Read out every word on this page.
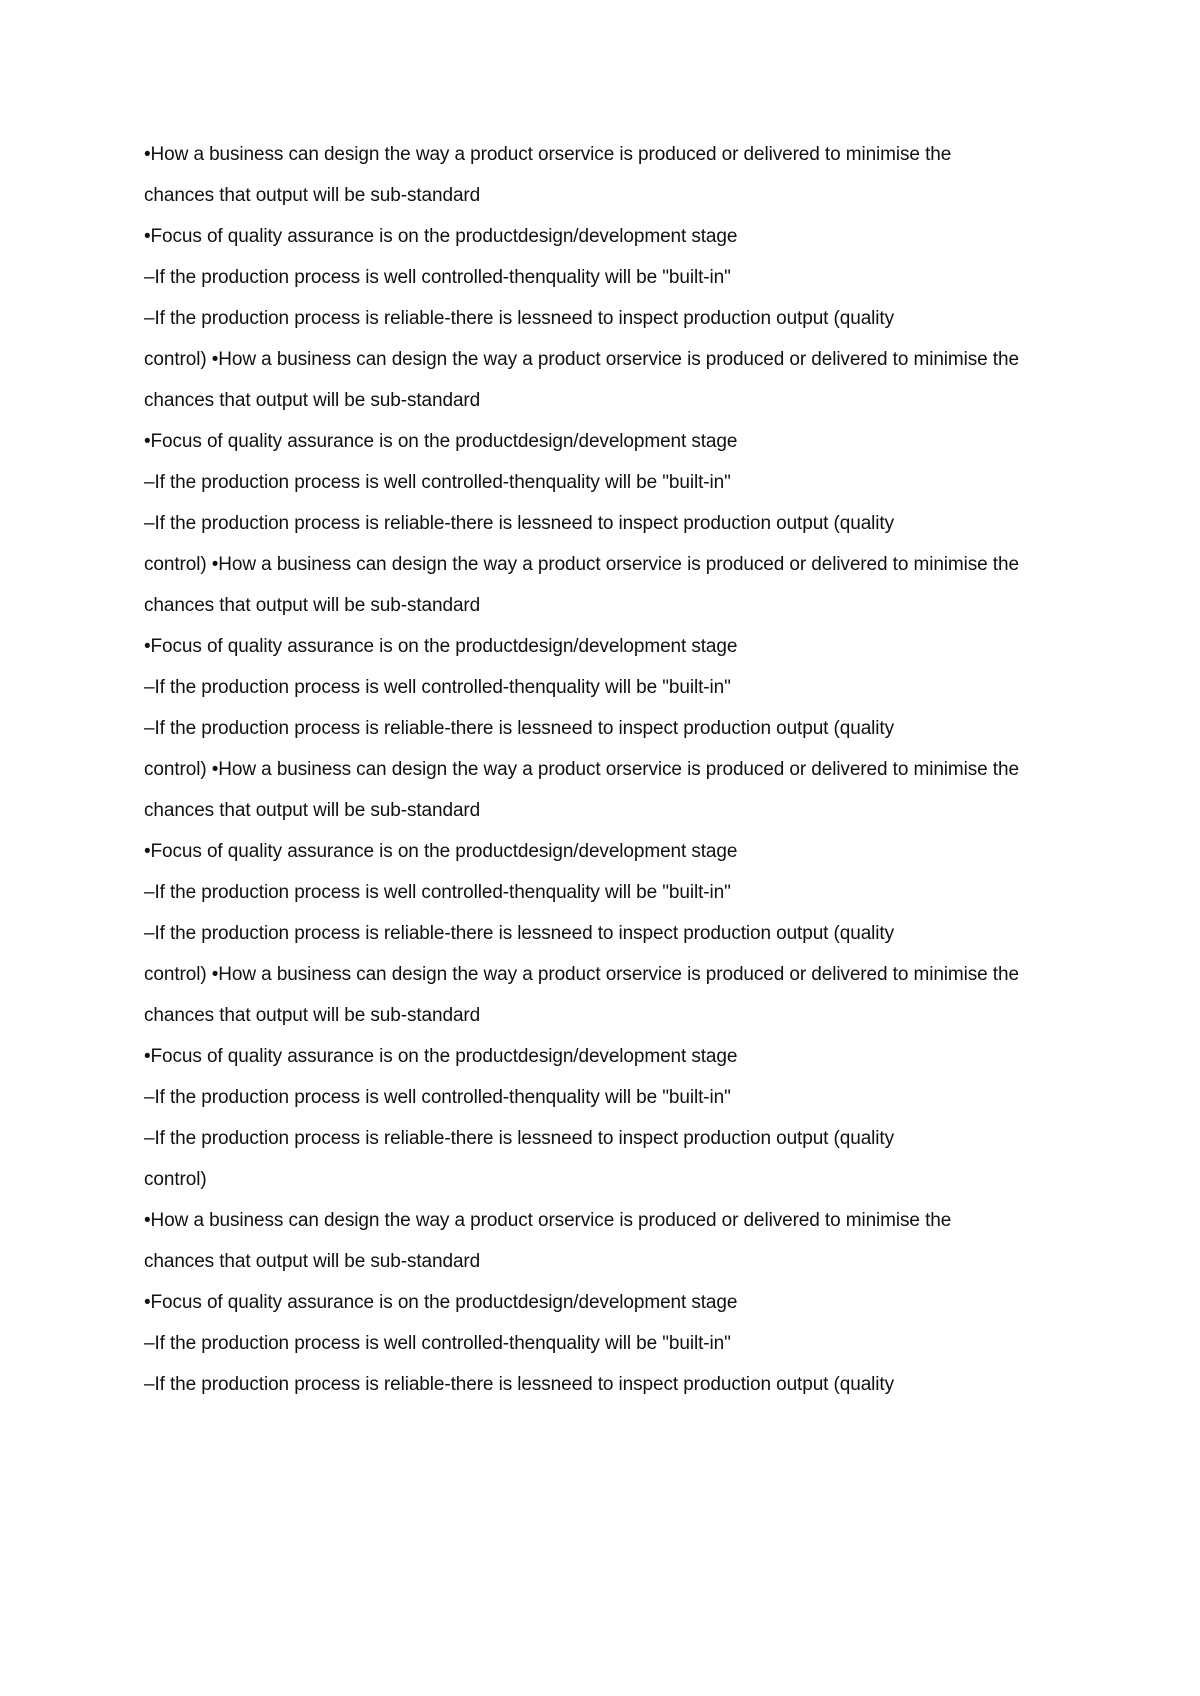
•How a business can design the way a product orservice is produced or delivered to minimise the

chances that output will be sub-standard

•Focus of quality assurance is on the productdesign/development stage

–If the production process is well controlled-thenquality will be "built-in"

–If the production process is reliable-there is lessneed to inspect production output (quality

control) •How a business can design the way a product orservice is produced or delivered to minimise the

chances that output will be sub-standard

•Focus of quality assurance is on the productdesign/development stage

–If the production process is well controlled-thenquality will be "built-in"

–If the production process is reliable-there is lessneed to inspect production output (quality

control) •How a business can design the way a product orservice is produced or delivered to minimise the

chances that output will be sub-standard

•Focus of quality assurance is on the productdesign/development stage

–If the production process is well controlled-thenquality will be "built-in"

–If the production process is reliable-there is lessneed to inspect production output (quality

control) •How a business can design the way a product orservice is produced or delivered to minimise the

chances that output will be sub-standard

•Focus of quality assurance is on the productdesign/development stage

–If the production process is well controlled-thenquality will be "built-in"

–If the production process is reliable-there is lessneed to inspect production output (quality

control) •How a business can design the way a product orservice is produced or delivered to minimise the

chances that output will be sub-standard

•Focus of quality assurance is on the productdesign/development stage

–If the production process is well controlled-thenquality will be "built-in"

–If the production process is reliable-there is lessneed to inspect production output (quality

control)

•How a business can design the way a product orservice is produced or delivered to minimise the

chances that output will be sub-standard

•Focus of quality assurance is on the productdesign/development stage

–If the production process is well controlled-thenquality will be "built-in"

–If the production process is reliable-there is lessneed to inspect production output (quality
